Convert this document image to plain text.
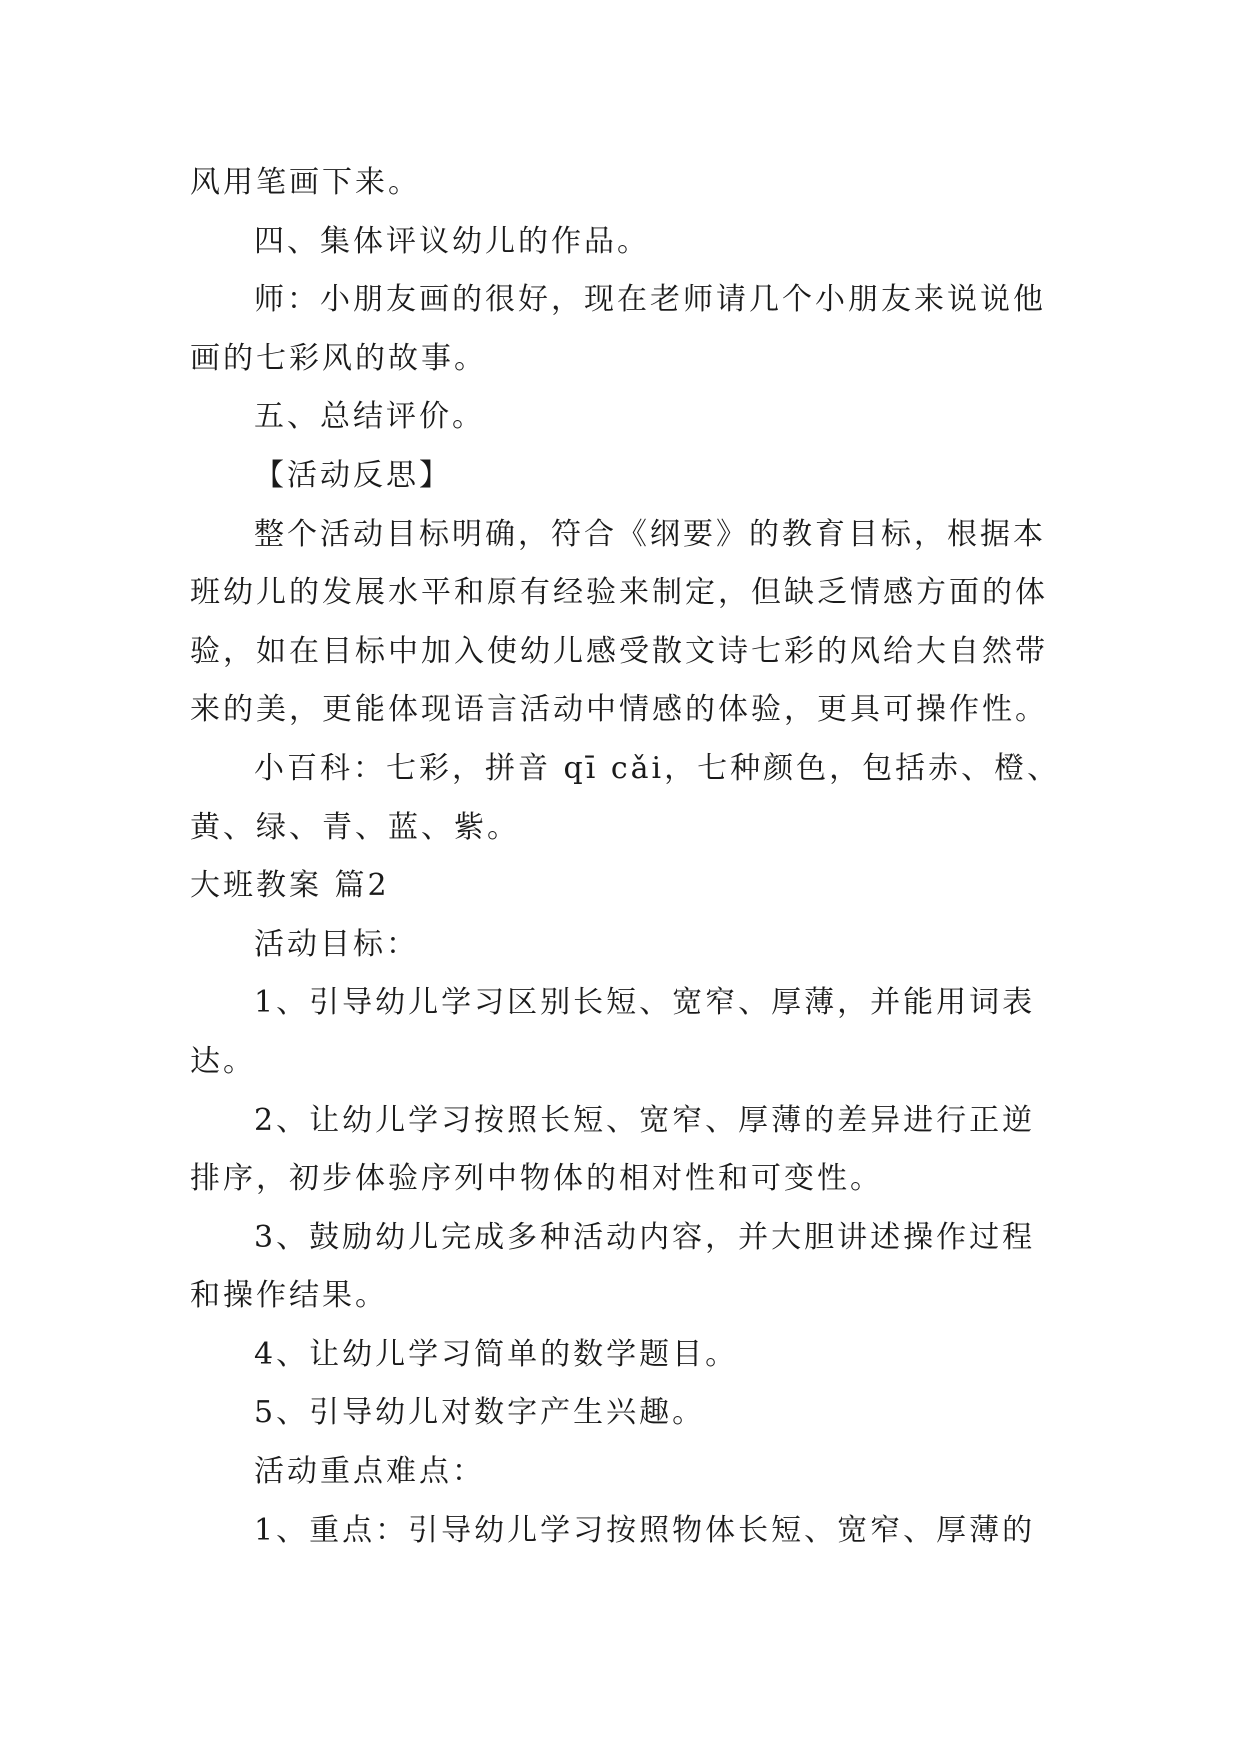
风用笔画下来。
四、集体评议幼儿的作品。
师：小朋友画的很好，现在老师请几个小朋友来说说他
画的七彩风的故事。
五、总结评价。
【活动反思】
整个活动目标明确，符合《纲要》的教育目标，根据本
班幼儿的发展水平和原有经验来制定，但缺乏情感方面的体
验，如在目标中加入使幼儿感受散文诗七彩的风给大自然带
来的美，更能体现语言活动中情感的体验，更具可操作性。
小百科：七彩，拼音 qī cǎi，七种颜色，包括赤、橙、
黄、绿、青、蓝、紫。
大班教案 篇2
活动目标：
1、引导幼儿学习区别长短、宽窄、厚薄，并能用词表
达。
2、让幼儿学习按照长短、宽窄、厚薄的差异进行正逆
排序，初步体验序列中物体的相对性和可变性。
3、鼓励幼儿完成多种活动内容，并大胆讲述操作过程
和操作结果。
4、让幼儿学习简单的数学题目。
5、引导幼儿对数字产生兴趣。
活动重点难点：
1、重点：引导幼儿学习按照物体长短、宽窄、厚薄的
